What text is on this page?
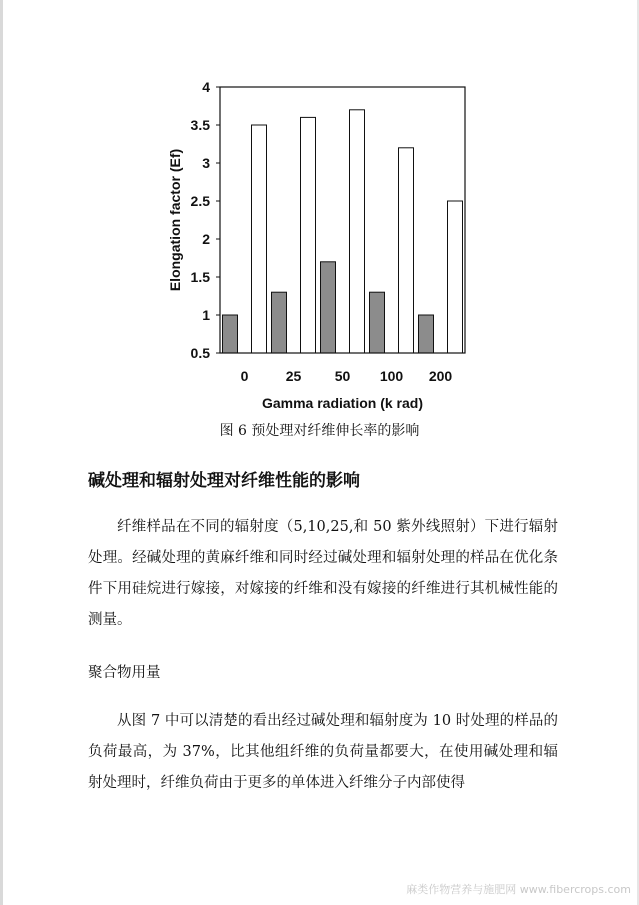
0.5
1
1.5
2
2.5
3
3.5
4
0	25 50 100 200
Elongation factor (Ef)
Gamma radiation (k rad)
图 6 预处理对纤维伸长率的影响
碱处理和辐射处理对纤维性能的影响

纤维样品在不同的辐射度（5,10,25,和 50 紫外线照射）下进行辐射处理。经碱处理的黄麻纤维和同时经过碱处理和辐射处理的样品在优化条件下用硅烷进行嫁接，对嫁接的纤维和没有嫁接的纤维进行其机械性能的测量。

聚合物用量

从图 7 中可以清楚的看出经过碱处理和辐射度为 10 时处理的样品的负荷最高，为 37%，比其他组纤维的负荷量都要大，在使用碱处理和辐射处理时，纤维负荷由于更多的单体进入纤维分子内部使得

麻类作物营养与施肥网 www.fibercrops.com
